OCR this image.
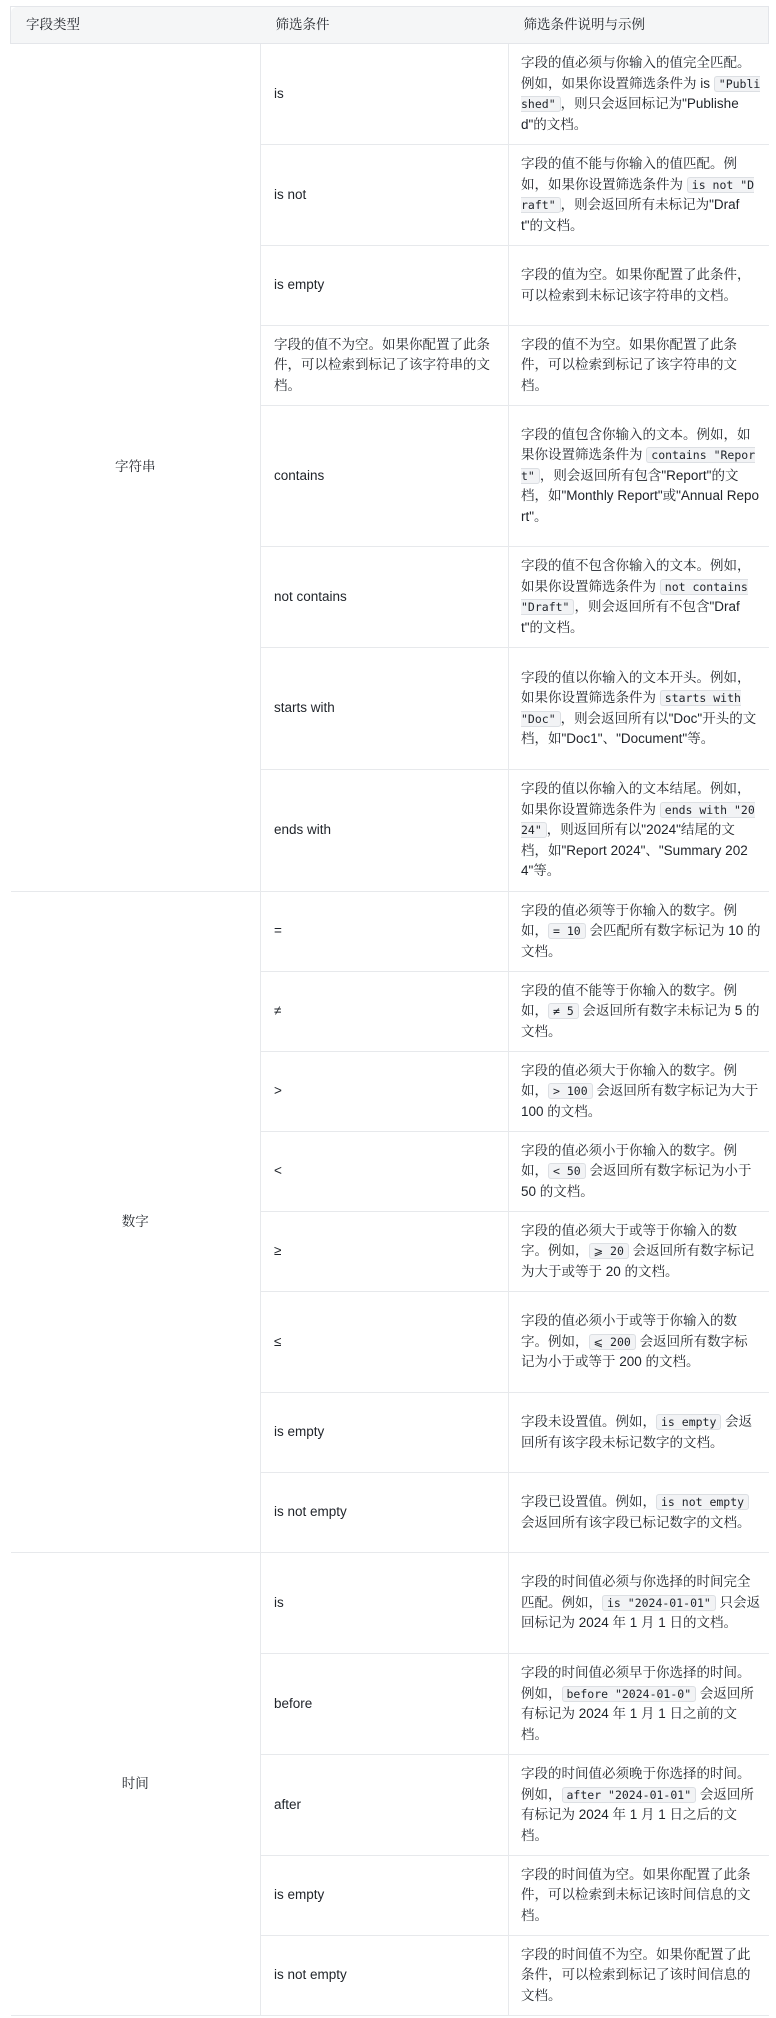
字段类型	筛选条件	筛选条件说明与示例
字符串	is	字段的值必须与你输入的值完全匹配。例如，如果你设置筛选条件为 is "Published" ，则只会返回标记为"Published"的文档。
	is not	字段的值不能与你输入的值匹配。例如，如果你设置筛选条件为 is not "Draft" ，则会返回所有未标记为"Draft"的文档。
	is empty	字段的值为空。如果你配置了此条件，可以检索到未标记该字符串的文档。
	字段的值不为空。如果你配置了此条件，可以检索到标记了该字符串的文档。	字段的值不为空。如果你配置了此条件，可以检索到标记了该字符串的文档。
	contains	字段的值包含你输入的文本。例如，如果你设置筛选条件为 contains "Report" ，则会返回所有包含"Report"的文档，如"Monthly Report"或"Annual Report"。
	not contains	字段的值不包含你输入的文本。例如，如果你设置筛选条件为 not contains "Draft" ，则会返回所有不包含"Draft"的文档。
	starts with	字段的值以你输入的文本开头。例如，如果你设置筛选条件为 starts with "Doc" ，则会返回所有以"Doc"开头的文档，如"Doc1"、"Document"等。
	ends with	字段的值以你输入的文本结尾。例如，如果你设置筛选条件为 ends with "2024" ，则返回所有以"2024"结尾的文档，如"Report 2024"、"Summary 2024"等。
数字	=	字段的值必须等于你输入的数字。例如， = 10 会匹配所有数字标记为 10 的文档。
	≠	字段的值不能等于你输入的数字。例如， ≠ 5 会返回所有数字未标记为 5 的文档。
	>	字段的值必须大于你输入的数字。例如， > 100 会返回所有数字标记为大于 100 的文档。
	<	字段的值必须小于你输入的数字。例如， < 50 会返回所有数字标记为小于 50 的文档。
	≥	字段的值必须大于或等于你输入的数字。例如， ⩾ 20 会返回所有数字标记为大于或等于 20 的文档。
	≤	字段的值必须小于或等于你输入的数字。例如， ⩽ 200 会返回所有数字标记为小于或等于 200 的文档。
	is empty	字段未设置值。例如， is empty 会返回所有该字段未标记数字的文档。
	is not empty	字段已设置值。例如， is not empty 会返回所有该字段已标记数字的文档。
时间	is	字段的时间值必须与你选择的时间完全匹配。例如， is "2024-01-01" 只会返回标记为 2024 年 1 月 1 日的文档。
	before	字段的时间值必须早于你选择的时间。例如， before "2024-01-0" 会返回所有标记为 2024 年 1 月 1 日之前的文档。
	after	字段的时间值必须晚于你选择的时间。例如， after "2024-01-01" 会返回所有标记为 2024 年 1 月 1 日之后的文档。
	is empty	字段的时间值为空。如果你配置了此条件，可以检索到未标记该时间信息的文档。
	is not empty	字段的时间值不为空。如果你配置了此条件，可以检索到标记了该时间信息的文档。
